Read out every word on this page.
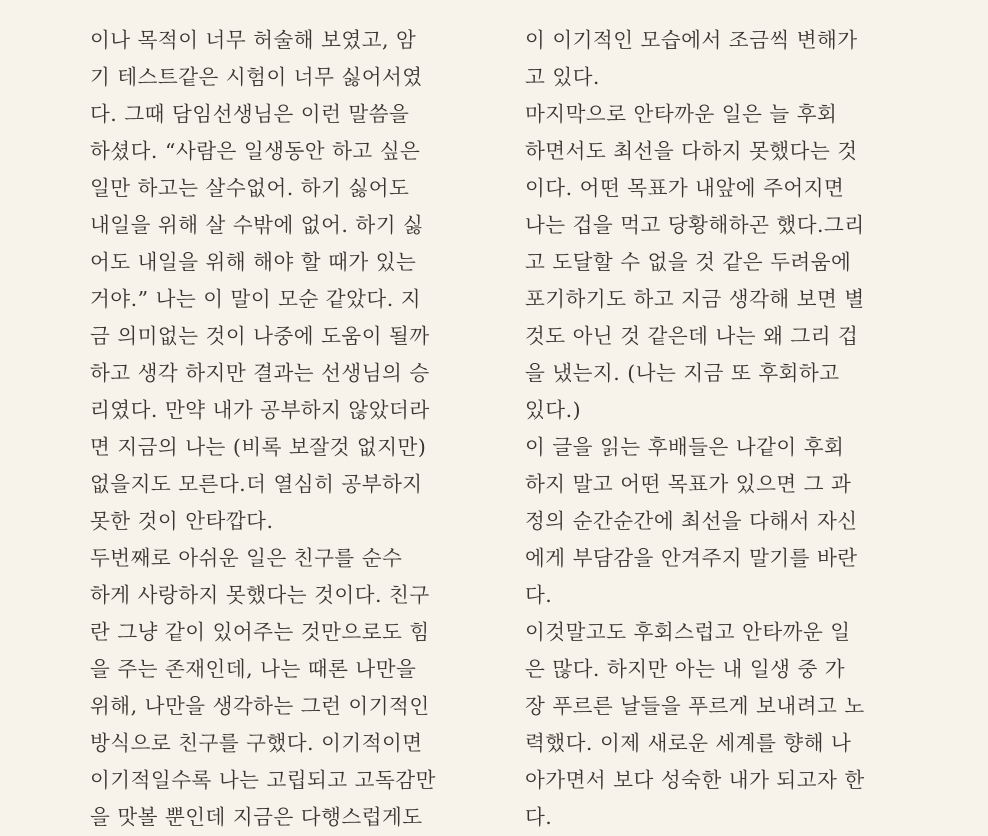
이나 목적이 너무 허술해 보였고, 암
기 테스트같은 시험이 너무 싫어서였
다. 그때 담임선생님은 이런 말씀을
하셨다. “사람은 일생동안 하고 싶은
일만 하고는 살수없어. 하기 싫어도
내일을 위해 살 수밖에 없어. 하기 싫
어도 내일을 위해 해야 할 때가 있는
거야.” 나는 이 말이 모순 같았다. 지
금 의미없는 것이 나중에 도움이 될까
하고 생각 하지만 결과는 선생님의 승
리였다. 만약 내가 공부하지 않았더라
면 지금의 나는 (비록 보잘것 없지만)
없을지도 모른다.더 열심히 공부하지
못한 것이 안타깝다.
두번째로 아쉬운 일은 친구를 순수
하게 사랑하지 못했다는 것이다. 친구
란 그냥 같이 있어주는 것만으로도 힘
을 주는 존재인데, 나는 때론 나만을
위해, 나만을 생각하는 그런 이기적인
방식으로 친구를 구했다. 이기적이면
이기적일수록 나는 고립되고 고독감만
을 맛볼 뿐인데 지금은 다행스럽게도
이 이기적인 모습에서 조금씩 변해가
고 있다.
마지막으로 안타까운 일은 늘 후회
하면서도 최선을 다하지 못했다는 것
이다. 어떤 목표가 내앞에 주어지면
나는 겁을 먹고 당황해하곤 했다.그리
고 도달할 수 없을 것 같은 두려움에
포기하기도 하고 지금 생각해 보면 별
것도 아닌 것 같은데 나는 왜 그리 겁
을 냈는지. (나는 지금 또 후회하고
있다.)
이 글을 읽는 후배들은 나같이 후회
하지 말고 어떤 목표가 있으면 그 과
정의 순간순간에 최선을 다해서 자신
에게 부담감을 안겨주지 말기를 바란
다.
이것말고도 후회스럽고 안타까운 일
은 많다. 하지만 아는 내 일생 중 가
장 푸르른 날들을 푸르게 보내려고 노
력했다. 이제 새로운 세계를 향해 나
아가면서 보다 성숙한 내가 되고자 한
다.
